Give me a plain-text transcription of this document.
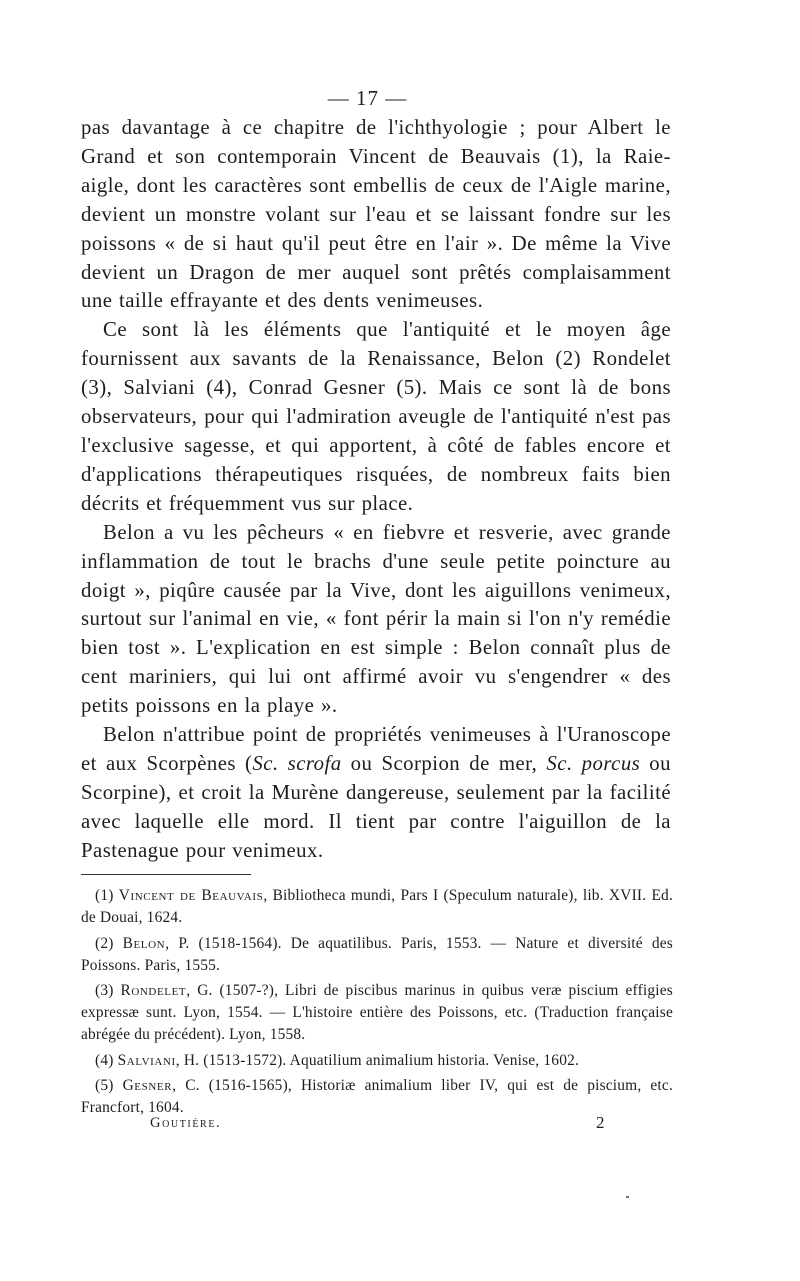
— 17 —

pas davantage à ce chapitre de l'ichthyologie ; pour Albert le Grand et son contemporain Vincent de Beauvais (1), la Raie-aigle, dont les caractères sont embellis de ceux de l'Aigle marine, devient un monstre volant sur l'eau et se laissant fondre sur les poissons « de si haut qu'il peut être en l'air ». De même la Vive devient un Dragon de mer auquel sont prêtés complaisamment une taille effrayante et des dents venimeuses.

Ce sont là les éléments que l'antiquité et le moyen âge fournissent aux savants de la Renaissance, Belon (2) Rondelet (3), Salviani (4), Conrad Gesner (5). Mais ce sont là de bons observateurs, pour qui l'admiration aveugle de l'antiquité n'est pas l'exclusive sagesse, et qui apportent, à côté de fables encore et d'applications thérapeutiques risquées, de nombreux faits bien décrits et fréquemment vus sur place.

Belon a vu les pêcheurs « en fiebvre et resverie, avec grande inflammation de tout le brachs d'une seule petite poincture au doigt », piqûre causée par la Vive, dont les aiguillons venimeux, surtout sur l'animal en vie, « font périr la main si l'on n'y remédie bien tost ». L'explication en est simple : Belon connaît plus de cent mariniers, qui lui ont affirmé avoir vu s'engendrer « des petits poissons en la playe ».

Belon n'attribue point de propriétés venimeuses à l'Uranoscope et aux Scorpènes (Sc. scrofa ou Scorpion de mer, Sc. porcus ou Scorpine), et croit la Murène dangereuse, seulement par la facilité avec laquelle elle mord. Il tient par contre l'aiguillon de la Pastenague pour venimeux.

(1) Vincent de Beauvais, Bibliotheca mundi, Pars I (Speculum naturale), lib. XVII. Ed. de Douai, 1624.

(2) Belon, P. (1518-1564). De aquatilibus. Paris, 1553. — Nature et diversité des Poissons. Paris, 1555.

(3) Rondelet, G. (1507-?), Libri de piscibus marinus in quibus veræ piscium effigies expressæ sunt. Lyon, 1554. — L'histoire entière des Poissons, etc. (Traduction française abrégée du précédent). Lyon, 1558.

(4) Salviani, H. (1513-1572). Aquatilium animalium historia. Venise, 1602.

(5) Gesner, C. (1516-1565), Historiæ animalium liber IV, qui est de piscium, etc. Francfort, 1604.

Goutière.	2
